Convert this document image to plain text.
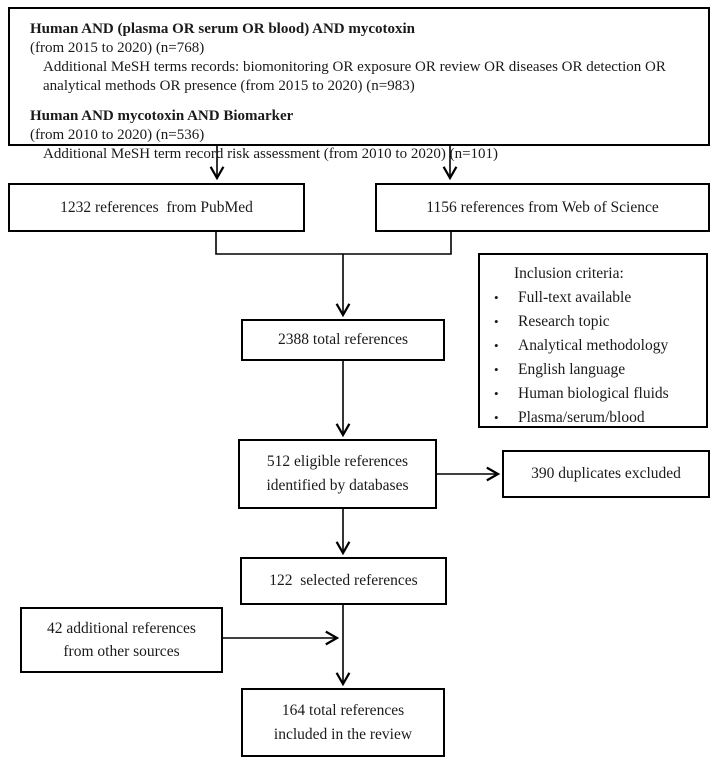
Human AND (plasma OR serum OR blood) AND mycotoxin
(from 2015 to 2020) (n=768)

Additional MeSH terms records: biomonitoring OR exposure OR review OR diseases OR detection OR analytical methods OR presence (from 2015 to 2020) (n=983)

Human AND mycotoxin AND Biomarker
(from 2010 to 2020) (n=536)

Additional MeSH term record risk assessment (from 2010 to 2020) (n=101)

1232 references  from PubMed	1156 references from Web of Science
Inclusion criteria:
•
Full-text available
•
Research topic
•
Analytical methodology
•
English language
•
Human biological fluids
•
Plasma/serum/blood
2388 total references
512 eligible references
identified by databases
390 duplicates excluded
122  selected references
42 additional references
from other sources
164 total references
included in the review
